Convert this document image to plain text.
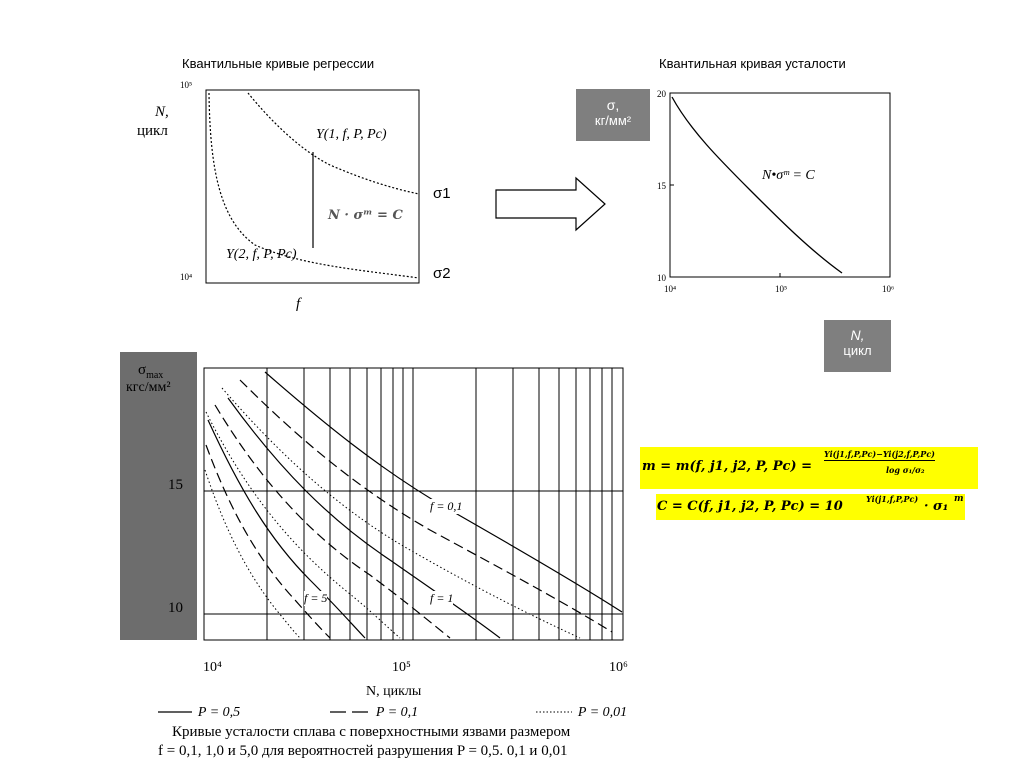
Квантильные кривые регрессии
N,
цикл
10⁵
10⁴
Y(1, f, P, Pc)
Y(2, f, P, Pc)
N · σᵐ = C
σ1
σ2
f
Квантильная кривая усталости
σ,
кг/мм²
20
15
10
10⁴	10⁵	10⁶
N•σᵐ = C
N,
цикл
$\sigma_{max}$
кгс/мм²
15
10
f = 0,1
f = 5	f = 1
10⁴	10⁵	10⁶
N, циклы
P = 0,5	P = 0,1	P = 0,01
Кривые усталости сплава с поверхностными язвами размером
f = 0,1, 1,0 и 5,0 для вероятностей разрушения P = 0,5. 0,1 и 0,01
m = m(f, j1, j2, P, Pc) =
Yi(j1,f,P,Pc)−Yi(j2,f,P,Pc)
log σ₁/σ₂
C = C(f, j1, j2, P, Pc) = 10	Yi(j1,f,P,Pc) · σ₁ m
